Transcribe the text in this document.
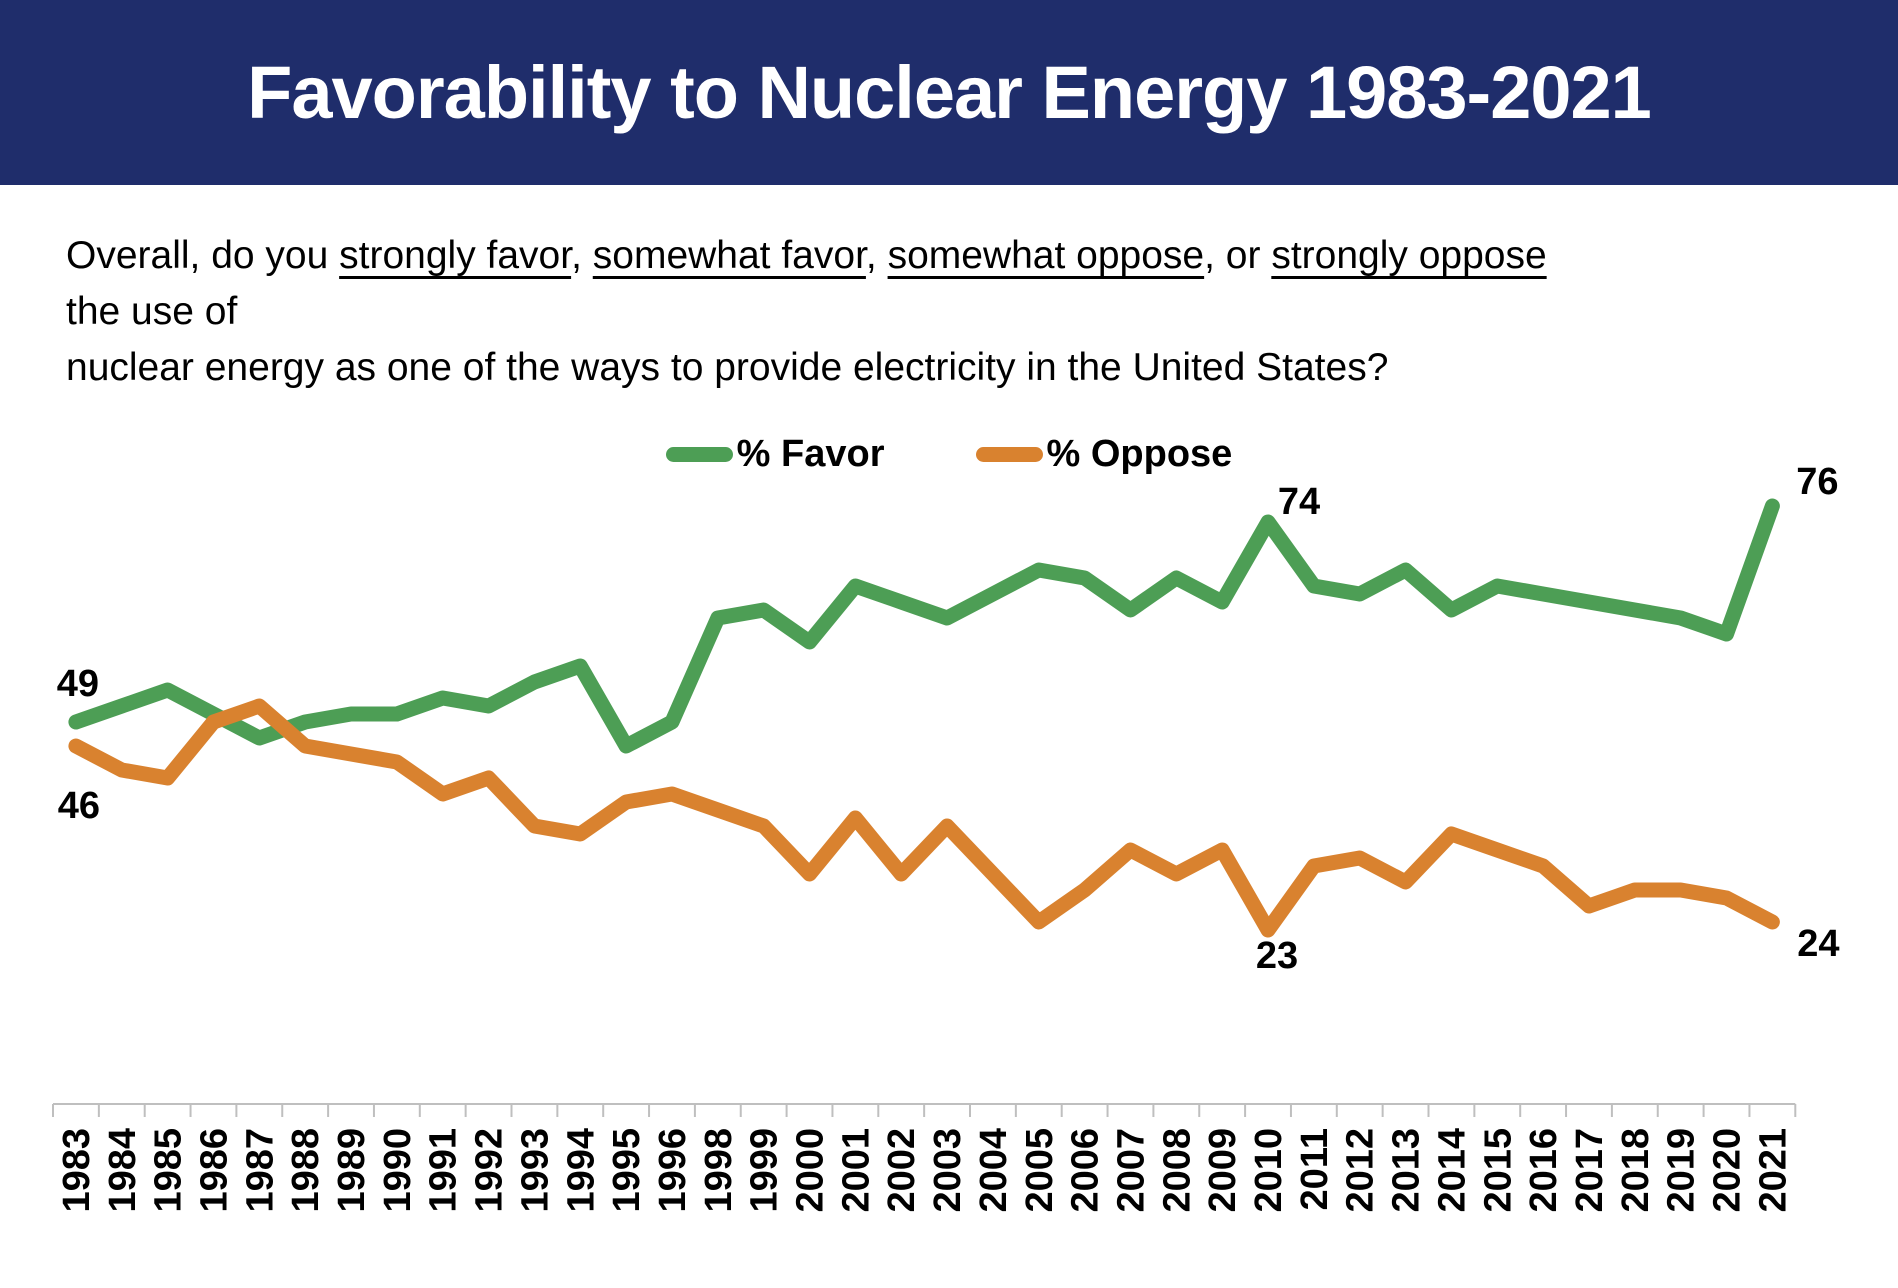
Favorability to Nuclear Energy 1983-2021

Overall, do you strongly favor, somewhat favor, somewhat oppose, or strongly oppose the use of

nuclear energy as one of the ways to provide electricity in the United States?

% Favor	% Oppose
1983 1984 1985 1986 1987 1988 1989 1990 1991 1992 1993 1994 1995 1996 1998 1999 2000 2001 2002 2003 2004 2005 2006 2007 2008 2009 2010 2011 2012 2013 2014 2015 2016 2017 2018 2019 2020 2021
49
46
74
23
76
24
